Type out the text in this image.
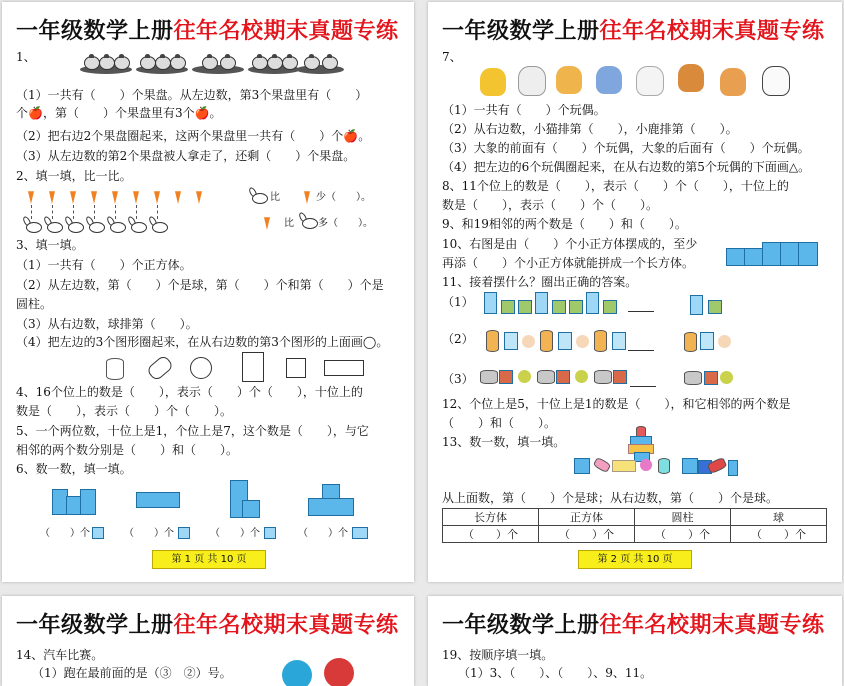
一年级数学上册往年名校期末真题专练
1、
（1）一共有（　　）个果盘。从左边数，第3个果盘里有（　　）
个🍎，第（　　）个果盘里有3个🍎。
（2）把右边2个果盘圈起来，这两个果盘里一共有（　　）个🍎。
（3）从左边数的第2个果盘被人拿走了，还剩（　　）个果盘。
2、填一填，比一比。
比	少（　　）。
比 多（　　）。
3、填一填。
（1）一共有（　　）个正方体。
（2）从左边数，第（　　）个是球，第（　　）个和第（　　）个是
圆柱。
（3）从右边数，球排第（　　）。
（4）把左边的3个图形圈起来，在从右边数的第3个图形的上面画◯。
4、16个位上的数是（　　），表示（　　）个（　　），十位上的
数是（　　），表示（　　）个（　　）。
5、一个两位数，十位上是1，个位上是7，这个数是（　　），与它
相邻的两个数分别是（　　）和（　　）。
6、数一数，填一填。
（　　）个	（　　）个	（　　）个	（　　）个
第 1 页 共 10 页
一年级数学上册往年名校期末真题专练
7、
（1）一共有（　　）个玩偶。
（2）从右边数，小猫排第（　　），小鹿排第（　　）。
（3）大象的前面有（　　）个玩偶，大象的后面有（　　）个玩偶。
（4）把左边的6个玩偶圈起来，在从右边数的第5个玩偶的下面画△。
8、11个位上的数是（　　），表示（　　）个（　　），十位上的
数是（　　），表示（　　）个（　　）。
9、和19相邻的两个数是（　　）和（　　）。
10、右图是由（　　）个小正方体摆成的，至少
再添（　　）个小正方体就能拼成一个长方体。
11、接着摆什么？圈出正确的答案。
（1）
（2）
（3）
12、个位上是5，十位上是1的数是（　　），和它相邻的两个数是
（　　）和（　　）。
13、数一数，填一填。
从上面数，第（　　）个是球；从右边数，第（　　）个是球。
长方体	正方体	圆柱	球
（　　）个	（　　）个	（　　）个	（　　）个
第 2 页 共 10 页
一年级数学上册往年名校期末真题专练
14、汽车比赛。
（1）跑在最前面的是（③　②）号。
一年级数学上册往年名校期末真题专练
19、按顺序填一填。
（1）3、（　　）、（　　）、9、11。
